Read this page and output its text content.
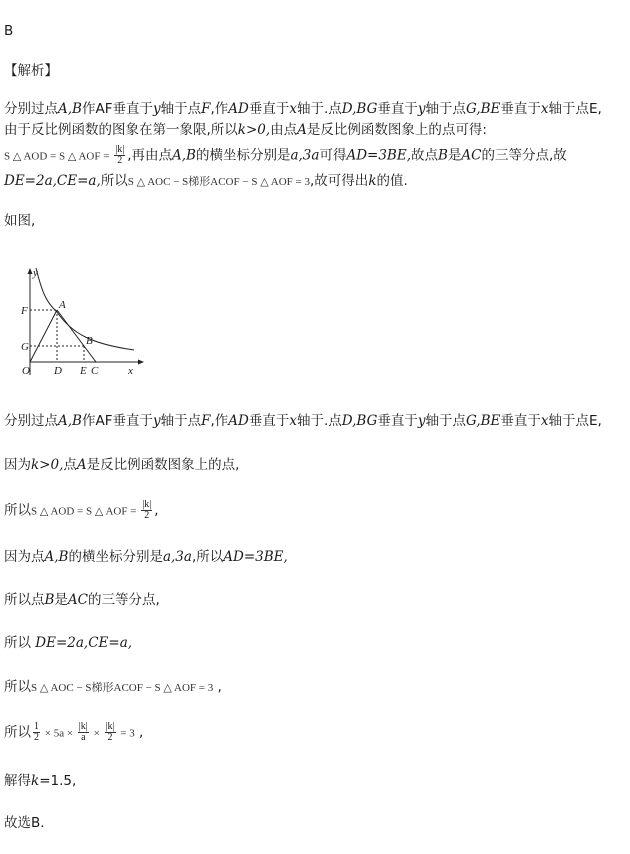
B
【解析】
分别过点A,B作AF垂直于y轴于点F,作AD垂直于x轴于.点D,BG垂直于y轴于点G,BE垂直于x轴于点E,
由于反比例函数的图象在第一象限,所以k>0,由点A是反比例函数图象上的点可得:
S △ AOD = S △ AOF = $\frac{|k|}{2}$ ,再由点A,B的横坐标分别是a,3a可得AD=3BE,故点B是AC的三等分点,故
DE=2a,CE=a,所以S △ AOC − S梯形ACOF − S △ AOF = 3,故可得出k的值.
如图,
y
F	A
G	B
O D E C	x
分别过点A,B作AF垂直于y轴于点F,作AD垂直于x轴于.点D,BG垂直于y轴于点G,BE垂直于x轴于点E,
因为k>0,点A是反比例函数图象上的点,
所以S △ AOD = S △ AOF = $\frac{|k|}{2}$ ,
因为点A,B的横坐标分别是a,3a,所以AD=3BE,
所以点B是AC的三等分点,
所以 DE=2a,CE=a,
所以S △ AOC − S梯形ACOF − S △ AOF = 3 ,
所以 $\frac{1}{2} \times 5a \times \frac{|k|}{a} \times \frac{|k|}{2} = 3$ ,
解得k=1.5,
故选B.
